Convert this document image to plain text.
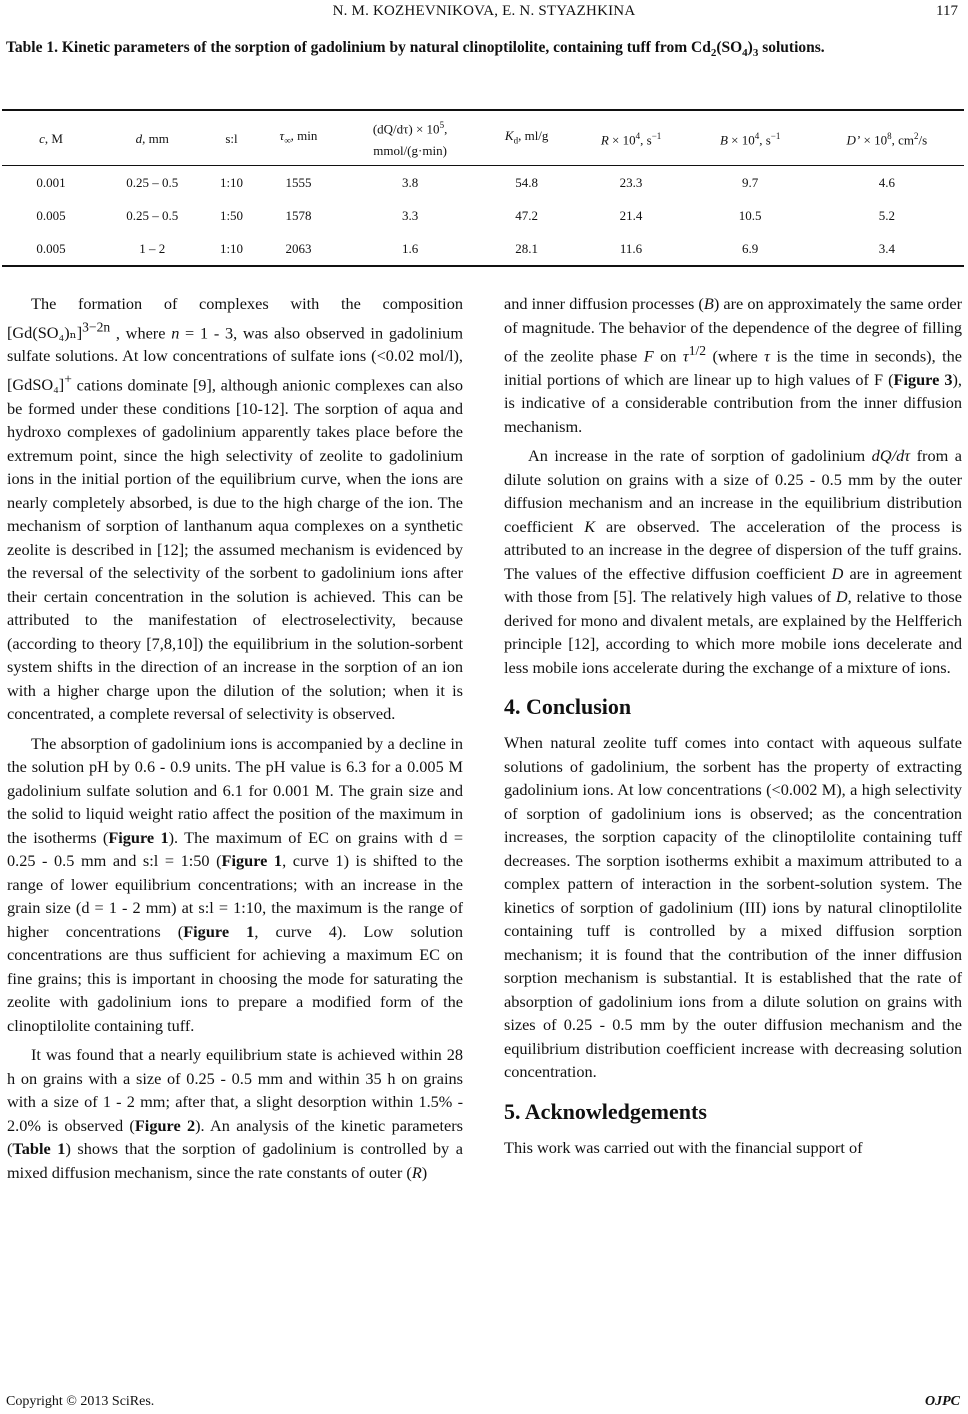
N. M. KOZHEVNIKOVA, E. N. STYAZHKINA	117
Table 1. Kinetic parameters of the sorption of gadolinium by natural clinoptilolite, containing tuff from $Cd_2(SO_4)_3$ solutions.
c, M	d, mm	s:l	$\tau_\infty$, min	$(dQ/d\tau) \times 10^5$,
mmol/(g·min)	$K_d$, ml/g	$R \times 10^4$, $s^{-1}$	$B \times 10^4$, $s^{-1}$	D’ × $10^8$, $cm^2/s$
0.001	0.25 – 0.5	1:10	1555	3.8	54.8	23.3	9.7	4.6
0.005	0.25 – 0.5	1:50	1578	3.3	47.2	21.4	10.5	5.2
0.005	1 – 2	1:10	2063	1.6	28.1	11.6	6.9	3.4

The formation of complexes with the composition $[Gd(SO_4)_n]^{3-2n}$ , where n = 1 - 3, was also observed in gadolinium sulfate solutions. At low concentrations of sulfate ions (<0.02 mol/l), [GdSO₄]+ cations dominate [9], although anionic complexes can also be formed under these conditions [10-12]. The sorption of aqua and hydroxo complexes of gadolinium apparently takes place before the extremum point, since the high selectivity of zeolite to gadolinium ions in the initial portion of the equilibrium curve, when the ions are nearly completely absorbed, is due to the high charge of the ion. The mechanism of sorption of lanthanum aqua complexes on a synthetic zeolite is described in [12]; the assumed mechanism is evidenced by the reversal of the selectivity of the sorbent to gadolinium ions after their certain concentration in the solution is achieved. This can be attributed to the manifestation of electroselectivity, because (according to theory [7,8,10]) the equilibrium in the solution-sorbent system shifts in the direction of an increase in the sorption of an ion with a higher charge upon the dilution of the solution; when it is concentrated, a complete reversal of selectivity is observed.

The absorption of gadolinium ions is accompanied by a decline in the solution pH by 0.6 - 0.9 units. The pH value is 6.3 for a 0.005 M gadolinium sulfate solution and 6.1 for 0.001 M. The grain size and the solid to liquid weight ratio affect the position of the maximum in the isotherms (Figure 1). The maximum of EC on grains with d = 0.25 - 0.5 mm and s:l = 1:50 (Figure 1, curve 1) is shifted to the range of lower equilibrium concentrations; with an increase in the grain size (d = 1 - 2 mm) at s:l = 1:10, the maximum is the range of higher concentrations (Figure 1, curve 4). Low solution concentrations are thus sufficient for achieving a maximum EC on fine grains; this is important in choosing the mode for saturating the zeolite with gadolinium ions to prepare a modified form of the clinoptilolite containing tuff.

It was found that a nearly equilibrium state is achieved within 28 h on grains with a size of 0.25 - 0.5 mm and within 35 h on grains with a size of 1 - 2 mm; after that, a slight desorption within 1.5% - 2.0% is observed (Figure 2). An analysis of the kinetic parameters (Table 1) shows that the sorption of gadolinium is controlled by a mixed diffusion mechanism, since the rate constants of outer (R)

and inner diffusion processes (B) are on approximately the same order of magnitude. The behavior of the dependence of the degree of filling of the zeolite phase F on $\tau^{1/2}$ (where τ is the time in seconds), the initial portions of which are linear up to high values of F (Figure 3), is indicative of a considerable contribution from the inner diffusion mechanism.

An increase in the rate of sorption of gadolinium dQ/dτ from a dilute solution on grains with a size of 0.25 - 0.5 mm by the outer diffusion mechanism and an increase in the equilibrium distribution coefficient K are observed. The acceleration of the process is attributed to an increase in the degree of dispersion of the tuff grains. The values of the effective diffusion coefficient D are in agreement with those from [5]. The relatively high values of D, relative to those derived for mono and divalent metals, are explained by the Helfferich principle [12], according to which more mobile ions decelerate and less mobile ions accelerate during the exchange of a mixture of ions.

4. Conclusion

When natural zeolite tuff comes into contact with aqueous sulfate solutions of gadolinium, the sorbent has the property of extracting gadolinium ions. At low concentrations (<0.002 M), a high selectivity of sorption of gadolinium ions is observed; as the concentration increases, the sorption capacity of the clinoptilolite containing tuff decreases. The sorption isotherms exhibit a maximum attributed to a complex pattern of interaction in the sorbent-solution system. The kinetics of sorption of gadolinium (III) ions by natural clinoptilolite containing tuff is controlled by a mixed diffusion sorption mechanism; it is found that the contribution of the inner diffusion sorption mechanism is substantial. It is established that the rate of absorption of gadolinium ions from a dilute solution on grains with sizes of 0.25 - 0.5 mm by the outer diffusion mechanism and the equilibrium distribution coefficient increase with decreasing solution concentration.

5. Acknowledgements

This work was carried out with the financial support of

Copyright © 2013 SciRes.	OJPC
